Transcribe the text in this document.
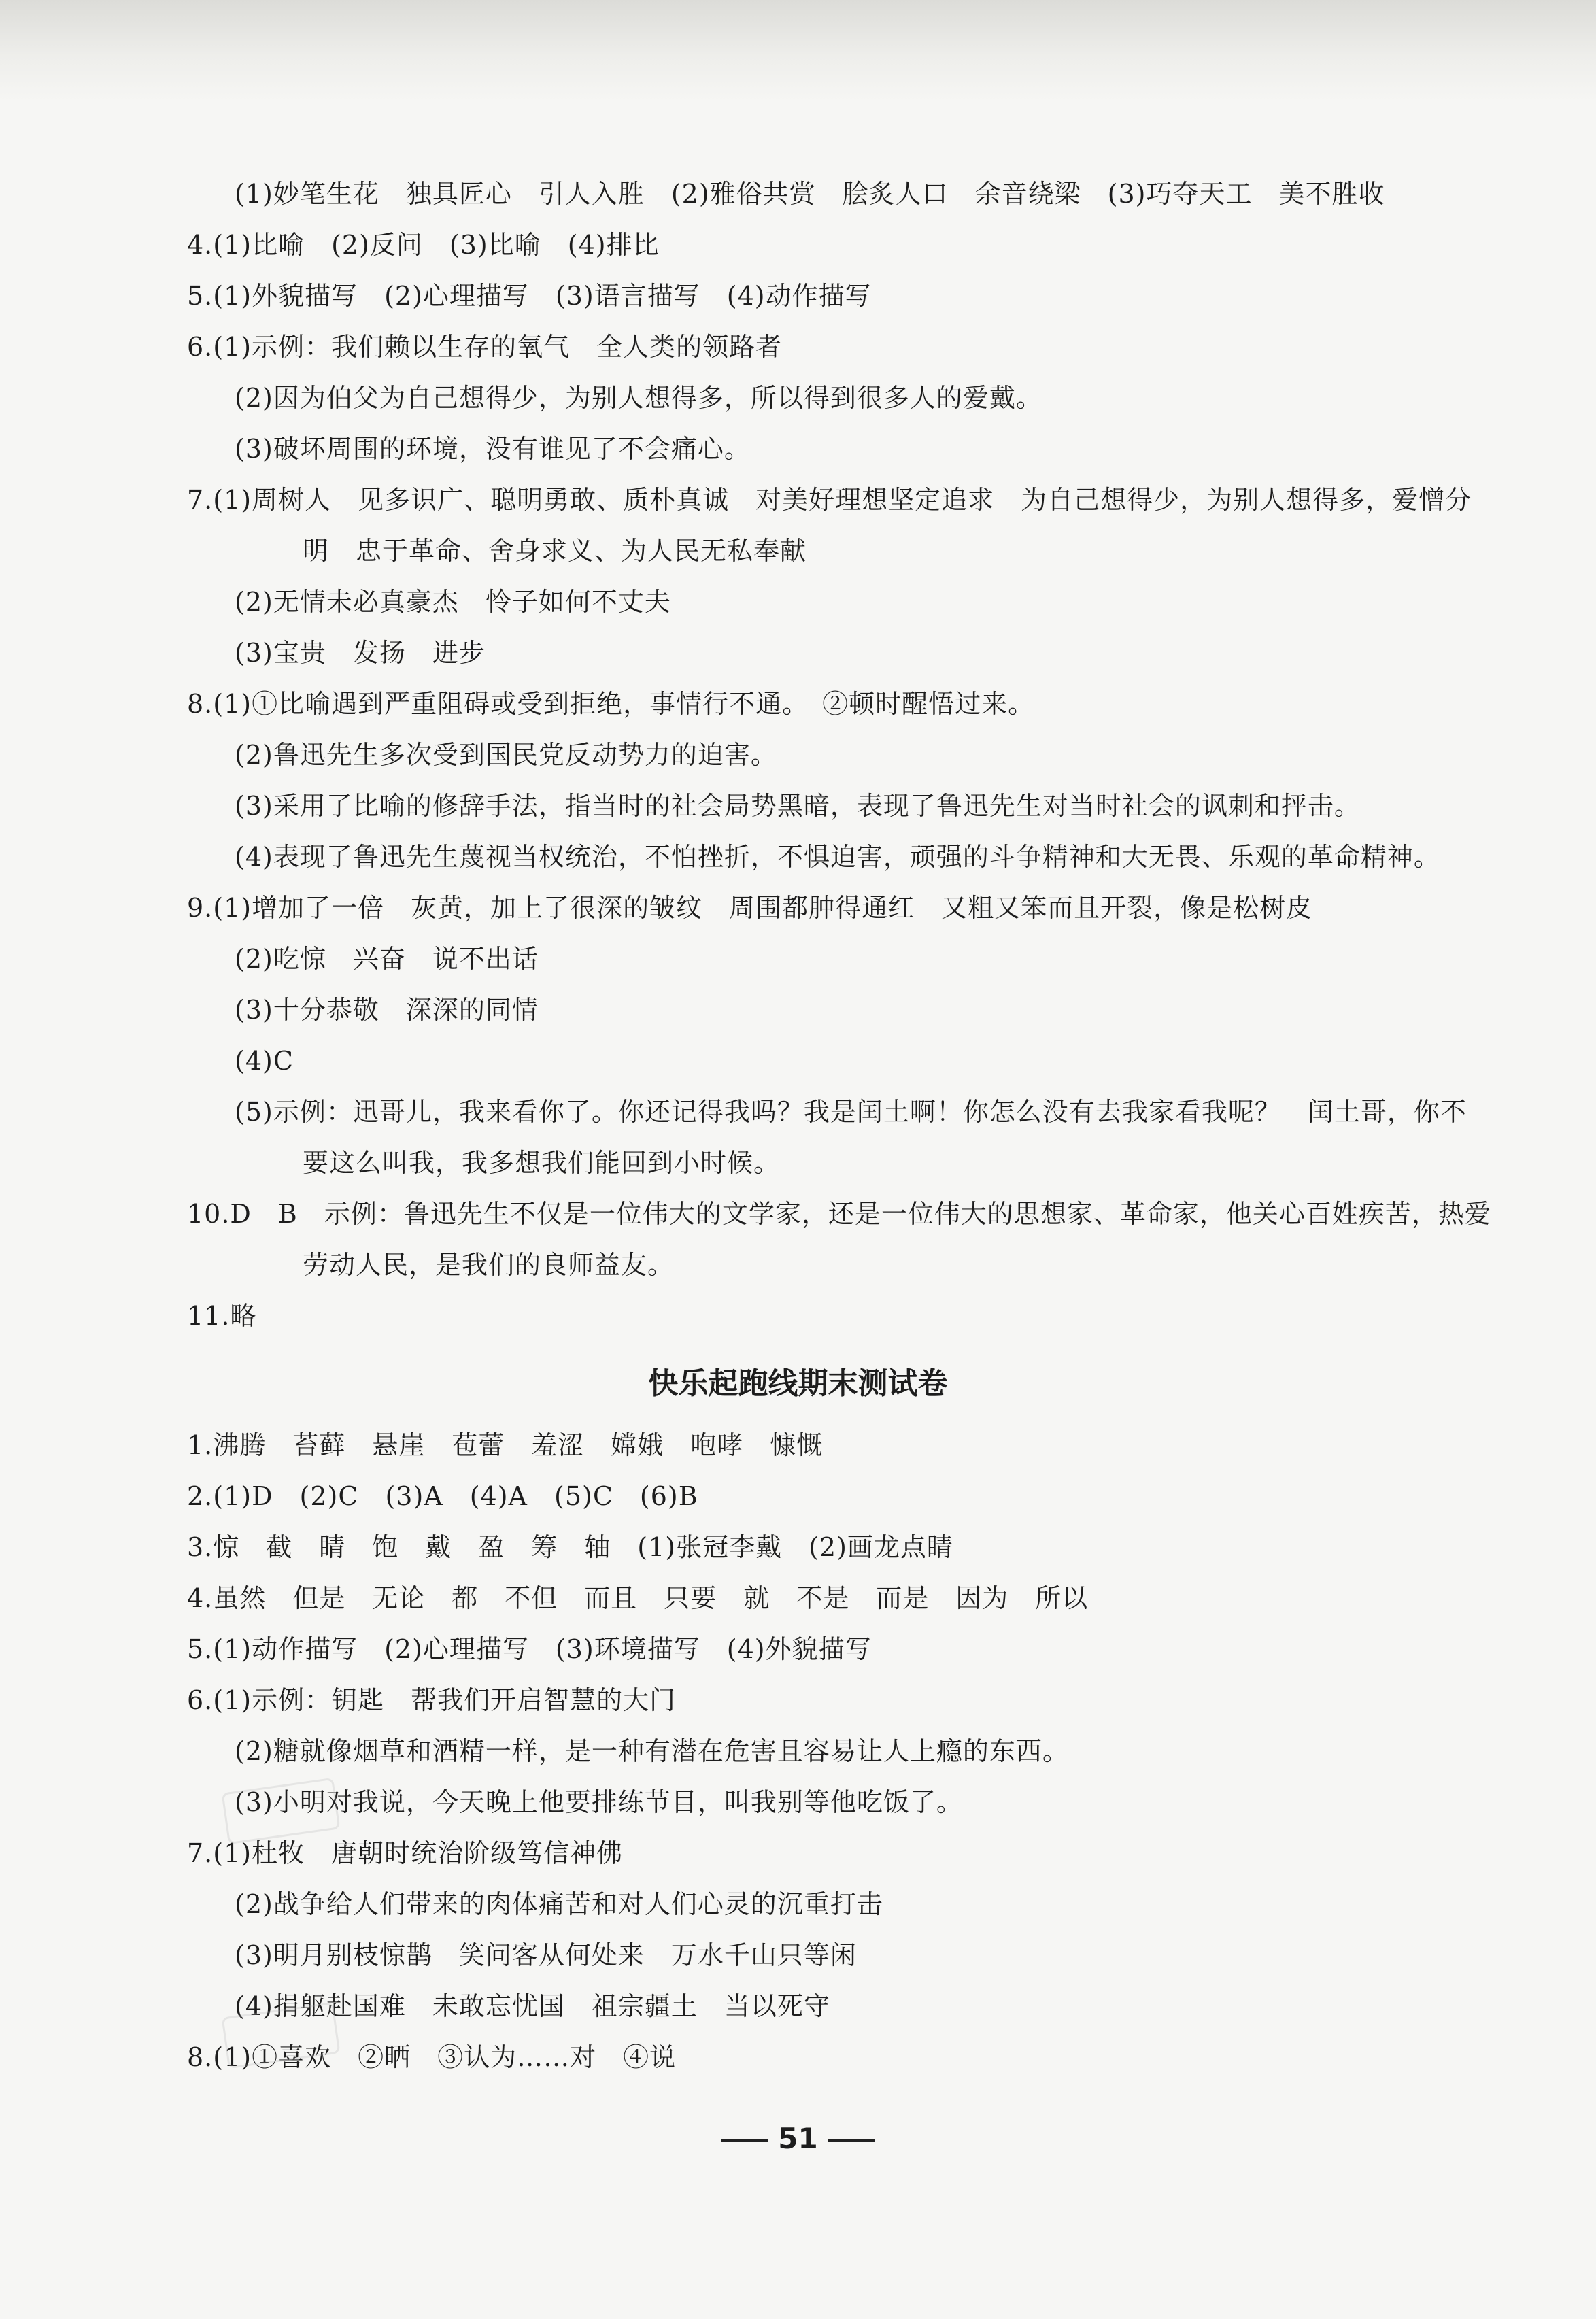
(1)妙笔生花　独具匠心　引人入胜　(2)雅俗共赏　脍炙人口　余音绕梁　(3)巧夺天工　美不胜收
4.(1)比喻　(2)反问　(3)比喻　(4)排比
5.(1)外貌描写　(2)心理描写　(3)语言描写　(4)动作描写
6.(1)示例：我们赖以生存的氧气　全人类的领路者
(2)因为伯父为自己想得少，为别人想得多，所以得到很多人的爱戴。
(3)破坏周围的环境，没有谁见了不会痛心。
7.(1)周树人　见多识广、聪明勇敢、质朴真诚　对美好理想坚定追求　为自己想得少，为别人想得多，爱憎分
明　忠于革命、舍身求义、为人民无私奉献
(2)无情未必真豪杰　怜子如何不丈夫
(3)宝贵　发扬　进步
8.(1)①比喻遇到严重阻碍或受到拒绝，事情行不通。　②顿时醒悟过来。
(2)鲁迅先生多次受到国民党反动势力的迫害。
(3)采用了比喻的修辞手法，指当时的社会局势黑暗，表现了鲁迅先生对当时社会的讽刺和抨击。
(4)表现了鲁迅先生蔑视当权统治，不怕挫折，不惧迫害，顽强的斗争精神和大无畏、乐观的革命精神。
9.(1)增加了一倍　灰黄，加上了很深的皱纹　周围都肿得通红　又粗又笨而且开裂，像是松树皮
(2)吃惊　兴奋　说不出话
(3)十分恭敬　深深的同情
(4)C
(5)示例：迅哥儿，我来看你了。你还记得我吗？我是闰土啊！你怎么没有去我家看我呢？　闰土哥，你不
要这么叫我，我多想我们能回到小时候。
10.D　B　示例：鲁迅先生不仅是一位伟大的文学家，还是一位伟大的思想家、革命家，他关心百姓疾苦，热爱
劳动人民，是我们的良师益友。
11.略
快乐起跑线期末测试卷
1.沸腾　苔藓　悬崖　苞蕾　羞涩　嫦娥　咆哮　慷慨
2.(1)D　(2)C　(3)A　(4)A　(5)C　(6)B
3.惊　截　睛　饱　戴　盈　筹　轴　(1)张冠李戴　(2)画龙点睛
4.虽然　但是　无论　都　不但　而且　只要　就　不是　而是　因为　所以
5.(1)动作描写　(2)心理描写　(3)环境描写　(4)外貌描写
6.(1)示例：钥匙　帮我们开启智慧的大门
(2)糖就像烟草和酒精一样，是一种有潜在危害且容易让人上瘾的东西。
(3)小明对我说，今天晚上他要排练节目，叫我别等他吃饭了。
7.(1)杜牧　唐朝时统治阶级笃信神佛
(2)战争给人们带来的肉体痛苦和对人们心灵的沉重打击
(3)明月别枝惊鹊　笑问客从何处来　万水千山只等闲
(4)捐躯赴国难　未敢忘忧国　祖宗疆土　当以死守
8.(1)①喜欢　②晒　③认为……对　④说
51
